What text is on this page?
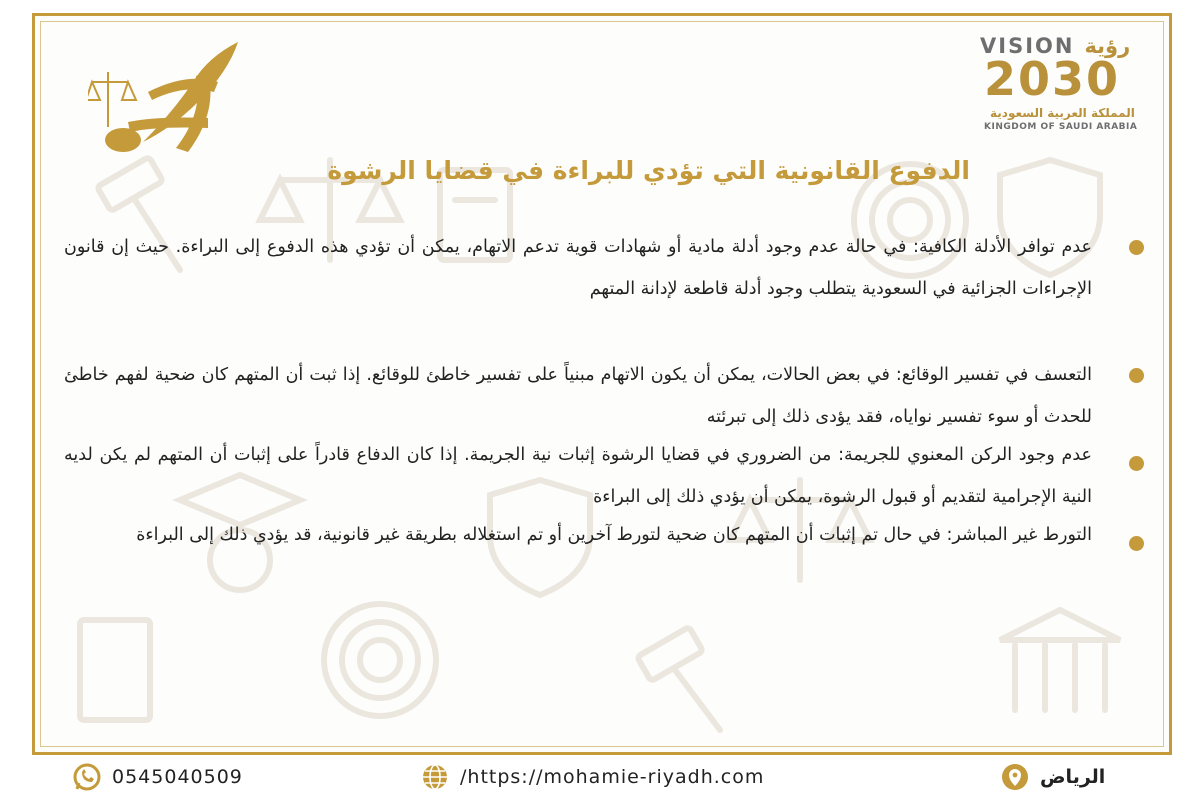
VISION رؤية
2030
المملكة العربية السعودية
KINGDOM OF SAUDI ARABIA
الدفوع القانونية التي تؤدي للبراءة في قضايا الرشوة
عدم توافر الأدلة الكافية: في حالة عدم وجود أدلة مادية أو شهادات قوية تدعم الاتهام، يمكن أن تؤدي هذه الدفوع إلى البراءة. حيث إن قانون الإجراءات الجزائية في السعودية يتطلب وجود أدلة قاطعة لإدانة المتهم
التعسف في تفسير الوقائع: في بعض الحالات، يمكن أن يكون الاتهام مبنياً على تفسير خاطئ للوقائع. إذا ثبت أن المتهم كان ضحية لفهم خاطئ للحدث أو سوء تفسير نواياه، فقد يؤدى ذلك إلى تبرئته
عدم وجود الركن المعنوي للجريمة: من الضروري في قضايا الرشوة إثبات نية الجريمة. إذا كان الدفاع قادراً على إثبات أن المتهم لم يكن لديه النية الإجرامية لتقديم أو قبول الرشوة، يمكن أن يؤدي ذلك إلى البراءة
التورط غير المباشر: في حال تم إثبات أن المتهم كان ضحية لتورط آخرين أو تم استغلاله بطريقة غير قانونية، قد يؤدي ذلك إلى البراءة
0545040509	/https://mohamie-riyadh.com	الرياض
